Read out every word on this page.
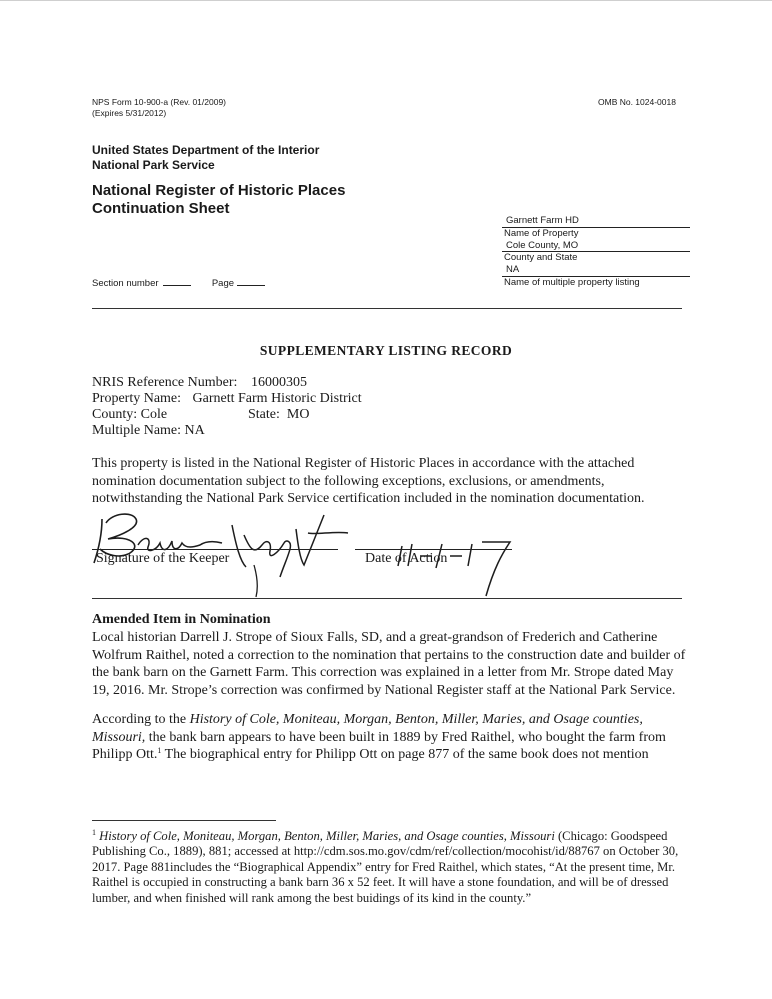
NPS Form 10-900-a (Rev. 01/2009)
(Expires 5/31/2012)
OMB No. 1024-0018
United States Department of the Interior
National Park Service
National Register of Historic Places
Continuation Sheet
Garnett Farm HD
Name of Property
Cole County, MO
County and State
NA
Name of multiple property listing
Section number	Page
SUPPLEMENTARY LISTING RECORD
NRIS Reference Number: 16000305
Property Name: Garnett Farm Historic District
County: Cole	State: MO
Multiple Name: NA
This property is listed in the National Register of Historic Places in accordance with the attached nomination documentation subject to the following exceptions, exclusions, or amendments, notwithstanding the National Park Service certification included in the nomination documentation.
Signature of the Keeper	Date of Action
Amended Item in Nomination
Local historian Darrell J. Strope of Sioux Falls, SD, and a great-grandson of Frederich and Catherine Wolfrum Raithel, noted a correction to the nomination that pertains to the construction date and builder of the bank barn on the Garnett Farm. This correction was explained in a letter from Mr. Strope dated May 19, 2016. Mr. Strope’s correction was confirmed by National Register staff at the National Park Service.
According to the History of Cole, Moniteau, Morgan, Benton, Miller, Maries, and Osage counties, Missouri, the bank barn appears to have been built in 1889 by Fred Raithel, who bought the farm from Philipp Ott.$^1$ The biographical entry for Philipp Ott on page 877 of the same book does not mention
$^1$ History of Cole, Moniteau, Morgan, Benton, Miller, Maries, and Osage counties, Missouri (Chicago: Goodspeed Publishing Co., 1889), 881; accessed at http://cdm.sos.mo.gov/cdm/ref/collection/mocohist/id/88767 on October 30, 2017. Page 881includes the “Biographical Appendix” entry for Fred Raithel, which states, “At the present time, Mr. Raithel is occupied in constructing a bank barn 36 x 52 feet. It will have a stone foundation, and will be of dressed lumber, and when finished will rank among the best buidings of its kind in the county.”
